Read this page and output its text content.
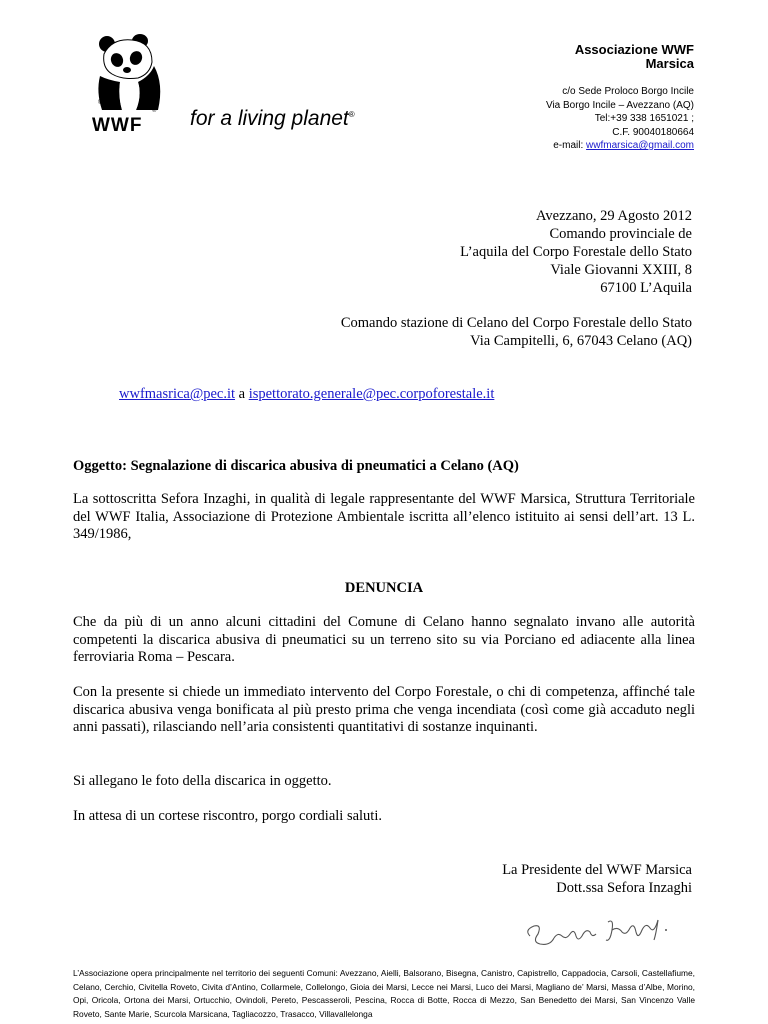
®
®
WWF	for a living planet®
Associazione WWF
Marsica
c/o Sede Proloco Borgo Incile
Via Borgo Incile – Avezzano (AQ)
Tel:+39 338 1651021 ;
C.F. 90040180664
e-mail: wwfmarsica@gmail.com
Avezzano, 29 Agosto 2012
Comando provinciale de
L’aquila del Corpo Forestale dello Stato
Viale Giovanni XXIII, 8
67100 L’Aquila
Comando stazione di Celano del Corpo Forestale dello Stato
Via Campitelli, 6, 67043 Celano (AQ)
wwfmasrica@pec.it a ispettorato.generale@pec.corpoforestale.it
Oggetto: Segnalazione di discarica abusiva di pneumatici a Celano (AQ)
La sottoscritta Sefora Inzaghi, in qualità di legale rappresentante del WWF Marsica, Struttura Territoriale del WWF Italia, Associazione di Protezione Ambientale iscritta all’elenco istituito ai sensi dell’art. 13 L. 349/1986,
DENUNCIA
Che da più di un anno alcuni cittadini del Comune di Celano hanno segnalato invano alle autorità competenti la discarica abusiva di pneumatici su un terreno sito su via Porciano ed adiacente alla linea ferroviaria Roma – Pescara.
Con la presente si chiede un immediato intervento del Corpo Forestale, o chi di competenza, affinché tale discarica abusiva venga bonificata al più presto prima che venga incendiata (così come già accaduto negli anni passati), rilasciando nell’aria consistenti quantitativi di sostanze inquinanti.
Si allegano le foto della discarica in oggetto.
In attesa di un cortese riscontro, porgo cordiali saluti.
La Presidente del WWF Marsica
Dott.ssa Sefora Inzaghi
L’Associazione opera principalmente nel territorio dei seguenti Comuni: Avezzano, Aielli, Balsorano, Bisegna, Canistro, Capistrello, Cappadocia, Carsoli, Castellafiume, Celano, Cerchio, Civitella Roveto, Civita d’Antino, Collarmele, Collelongo, Gioia dei Marsi, Lecce nei Marsi, Luco dei Marsi, Magliano de’ Marsi, Massa d’Albe, Morino, Opi, Oricola, Ortona dei Marsi, Ortucchio, Ovindoli, Pereto, Pescasseroli, Pescina, Rocca di Botte, Rocca di Mezzo, San Benedetto dei Marsi, San Vincenzo Valle Roveto, Sante Marie, Scurcola Marsicana, Tagliacozzo, Trasacco, Villavallelonga
